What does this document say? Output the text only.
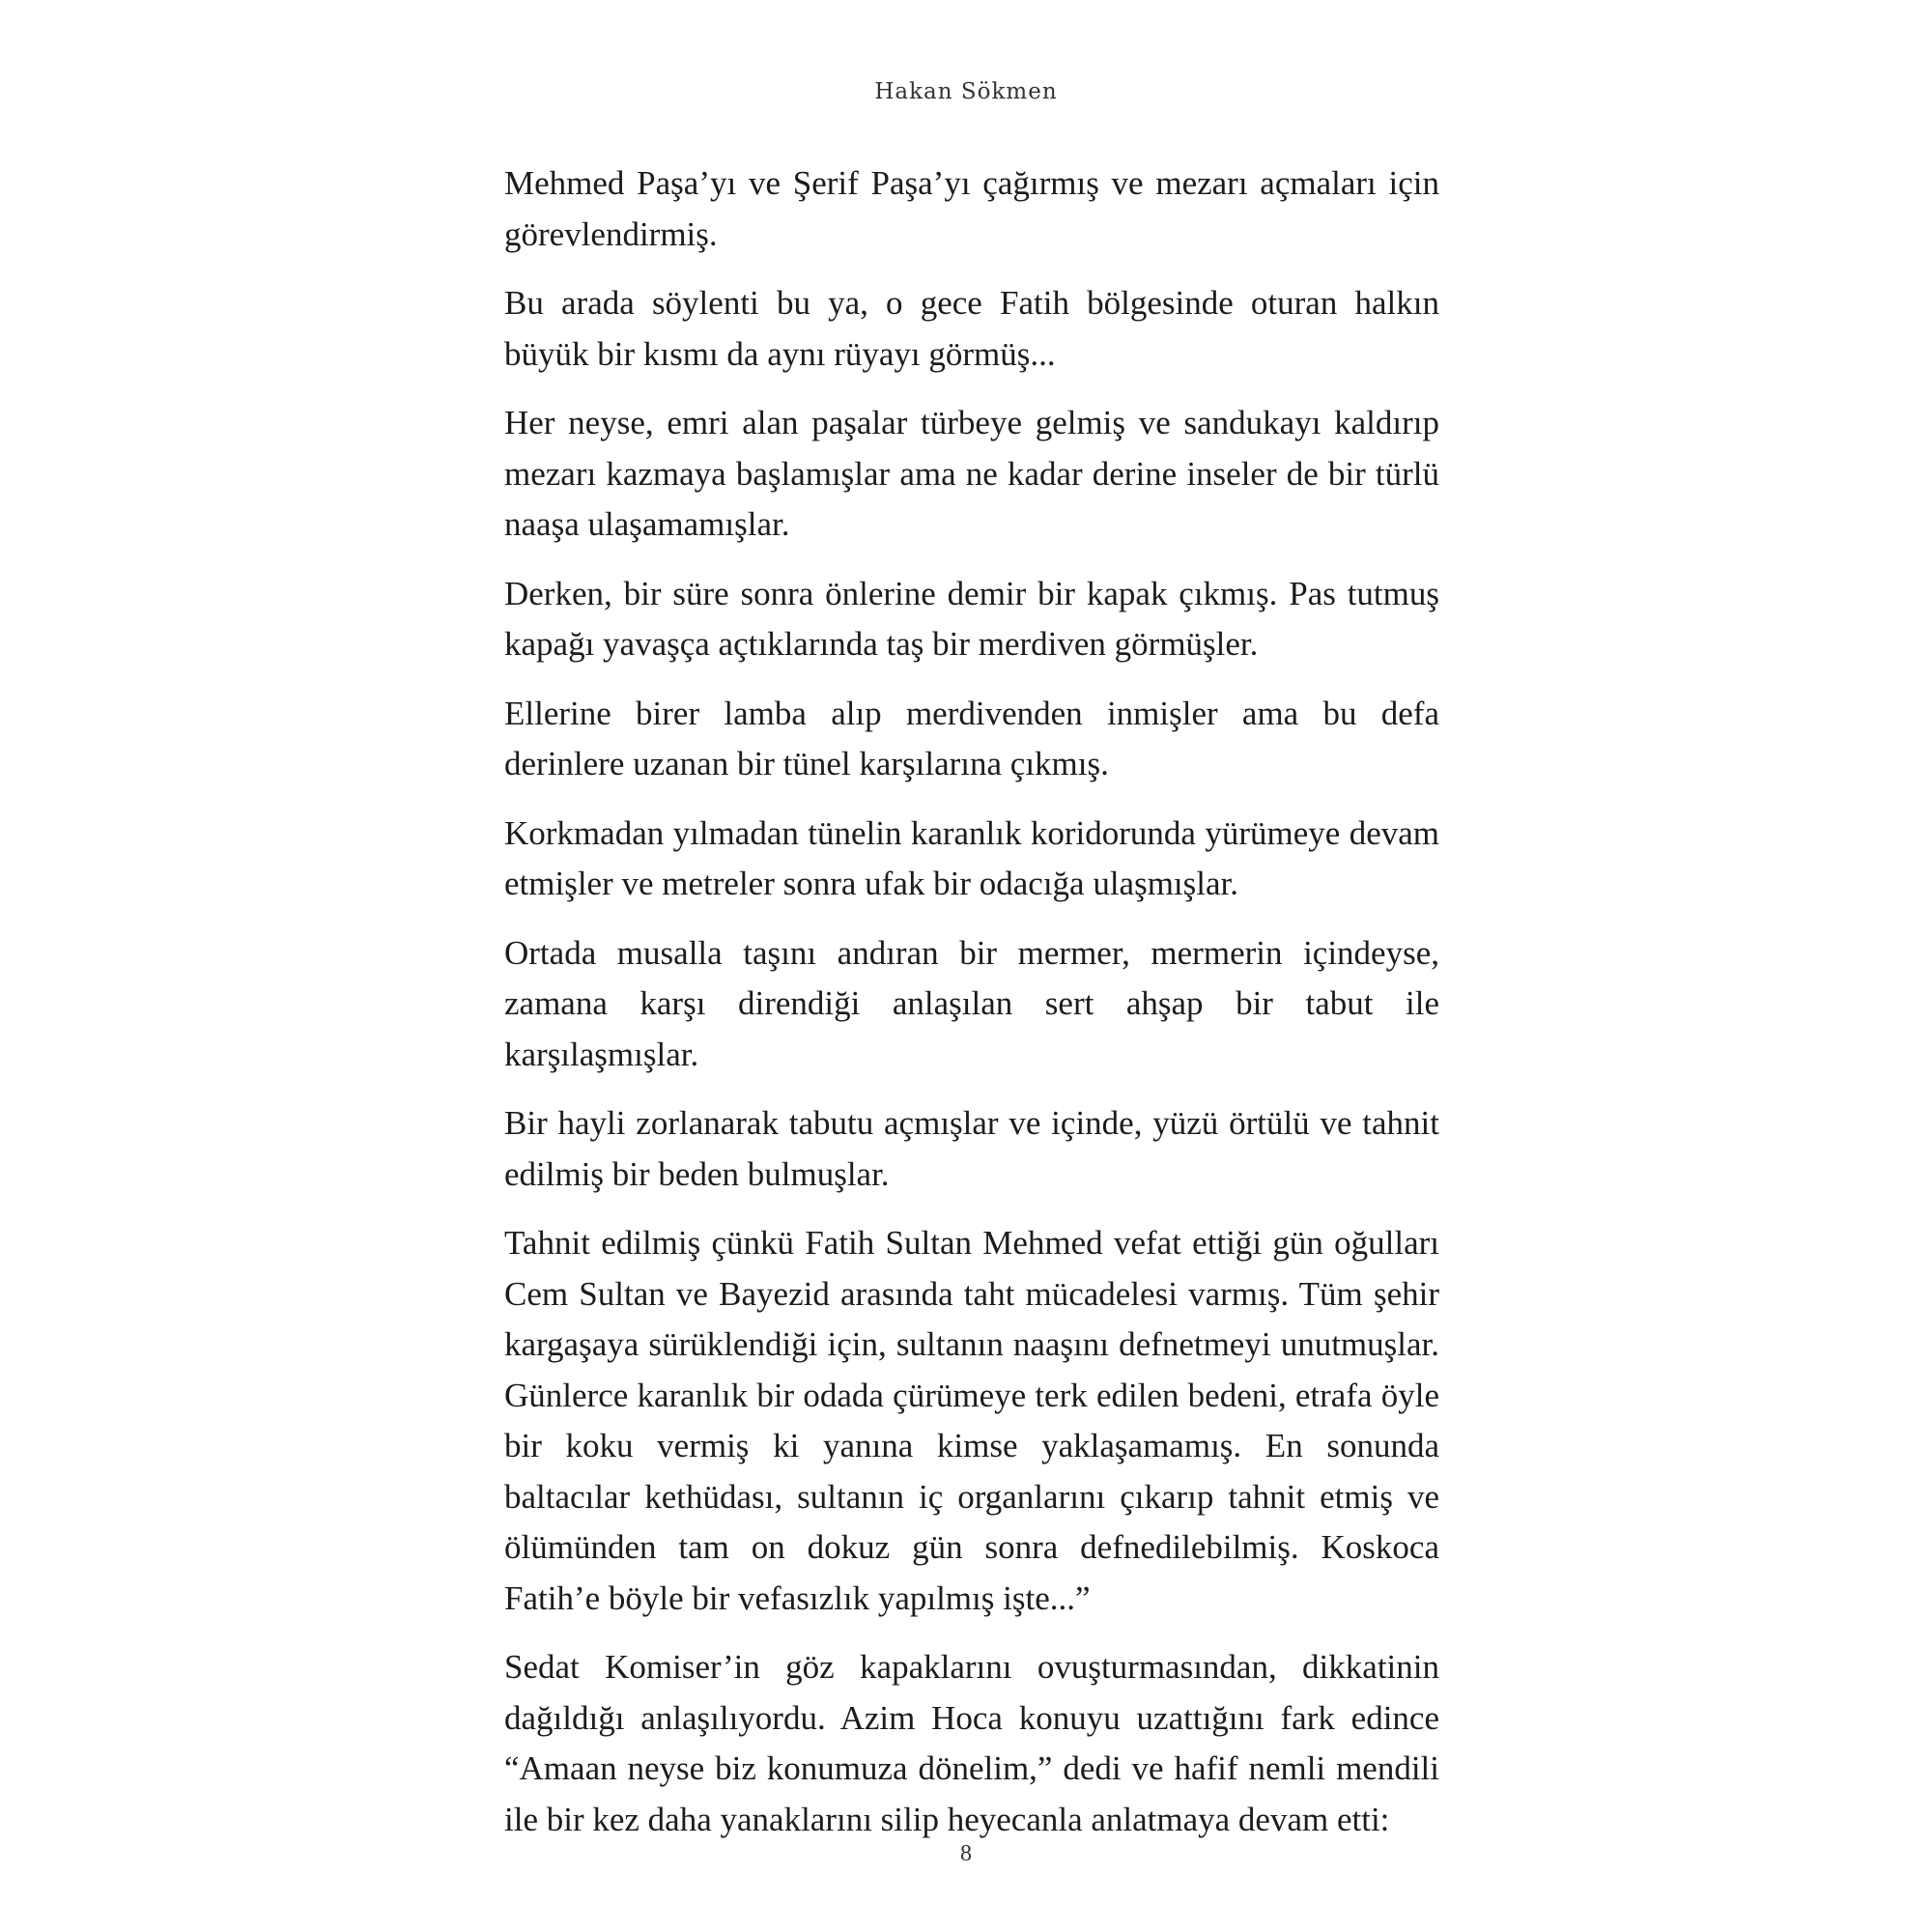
Hakan Sökmen

Mehmed Paşa’yı ve Şerif Paşa’yı çağırmış ve mezarı açmaları için görevlendirmiş.

Bu arada söylenti bu ya, o gece Fatih bölgesinde oturan halkın büyük bir kısmı da aynı rüyayı görmüş...

Her neyse, emri alan paşalar türbeye gelmiş ve sandukayı kaldırıp mezarı kazmaya başlamışlar ama ne kadar derine inseler de bir türlü naaşa ulaşamamışlar.

Derken, bir süre sonra önlerine demir bir kapak çıkmış. Pas tutmuş kapağı yavaşça açtıklarında taş bir merdiven görmüşler.

Ellerine birer lamba alıp merdivenden inmişler ama bu defa derinlere uzanan bir tünel karşılarına çıkmış.

Korkmadan yılmadan tünelin karanlık koridorunda yürümeye devam etmişler ve metreler sonra ufak bir odacığa ulaşmışlar.

Ortada musalla taşını andıran bir mermer, mermerin içindeyse, zamana karşı direndiği anlaşılan sert ahşap bir tabut ile karşılaşmışlar.

Bir hayli zorlanarak tabutu açmışlar ve içinde, yüzü örtülü ve tahnit edilmiş bir beden bulmuşlar.

Tahnit edilmiş çünkü Fatih Sultan Mehmed vefat ettiği gün oğulları Cem Sultan ve Bayezid arasında taht mücadelesi varmış. Tüm şehir kargaşaya sürüklendiği için, sultanın naaşını defnetmeyi unutmuşlar. Günlerce karanlık bir odada çürümeye terk edilen bedeni, etrafa öyle bir koku vermiş ki yanına kimse yaklaşamamış. En sonunda baltacılar kethüdası, sultanın iç organlarını çıkarıp tahnit etmiş ve ölümünden tam on dokuz gün sonra defnedilebilmiş. Koskoca Fatih’e böyle bir vefasızlık yapılmış işte...”

Sedat Komiser’in göz kapaklarını ovuşturmasından, dikkatinin dağıldığı anlaşılıyordu. Azim Hoca konuyu uzattığını fark edince “Amaan neyse biz konumuza dönelim,” dedi ve hafif nemli mendili ile bir kez daha yanaklarını silip heyecanla anlatmaya devam etti:

8
